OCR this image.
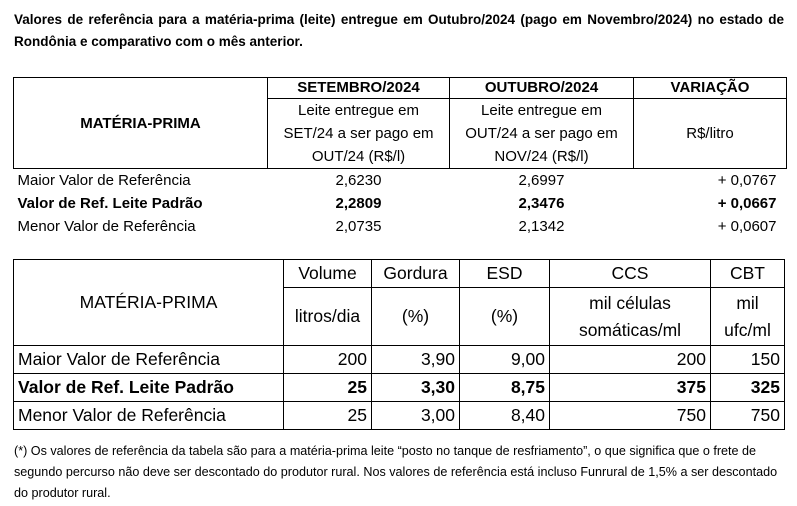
Valores de referência para a matéria-prima (leite) entregue em Outubro/2024 (pago em Novembro/2024) no estado de Rondônia e comparativo com o mês anterior.
MATÉRIA-PRIMA	SETEMBRO/2024	OUTUBRO/2024	VARIAÇÃO
	Leite entregue em SET/24 a ser pago em OUT/24 (R$/l)	Leite entregue em OUT/24 a ser pago em NOV/24 (R$/l)	R$/litro
Maior Valor de Referência	2,6230	2,6997	+ 0,0767
Valor de Ref. Leite Padrão	2,2809	2,3476	+ 0,0667
Menor Valor de Referência	2,0735	2,1342	+ 0,0607
MATÉRIA-PRIMA	Volume	Gordura	ESD	CCS	CBT
	litros/dia	(%)	(%)	mil células somáticas/ml	mil ufc/ml
Maior Valor de Referência	200	3,90	9,00	200	150
Valor de Ref. Leite Padrão	25	3,30	8,75	375	325
Menor Valor de Referência	25	3,00	8,40	750	750
(*) Os valores de referência da tabela são para a matéria-prima leite “posto no tanque de resfriamento”, o que significa que o frete de segundo percurso não deve ser descontado do produtor rural. Nos valores de referência está incluso Funrural de 1,5% a ser descontado do produtor rural.
